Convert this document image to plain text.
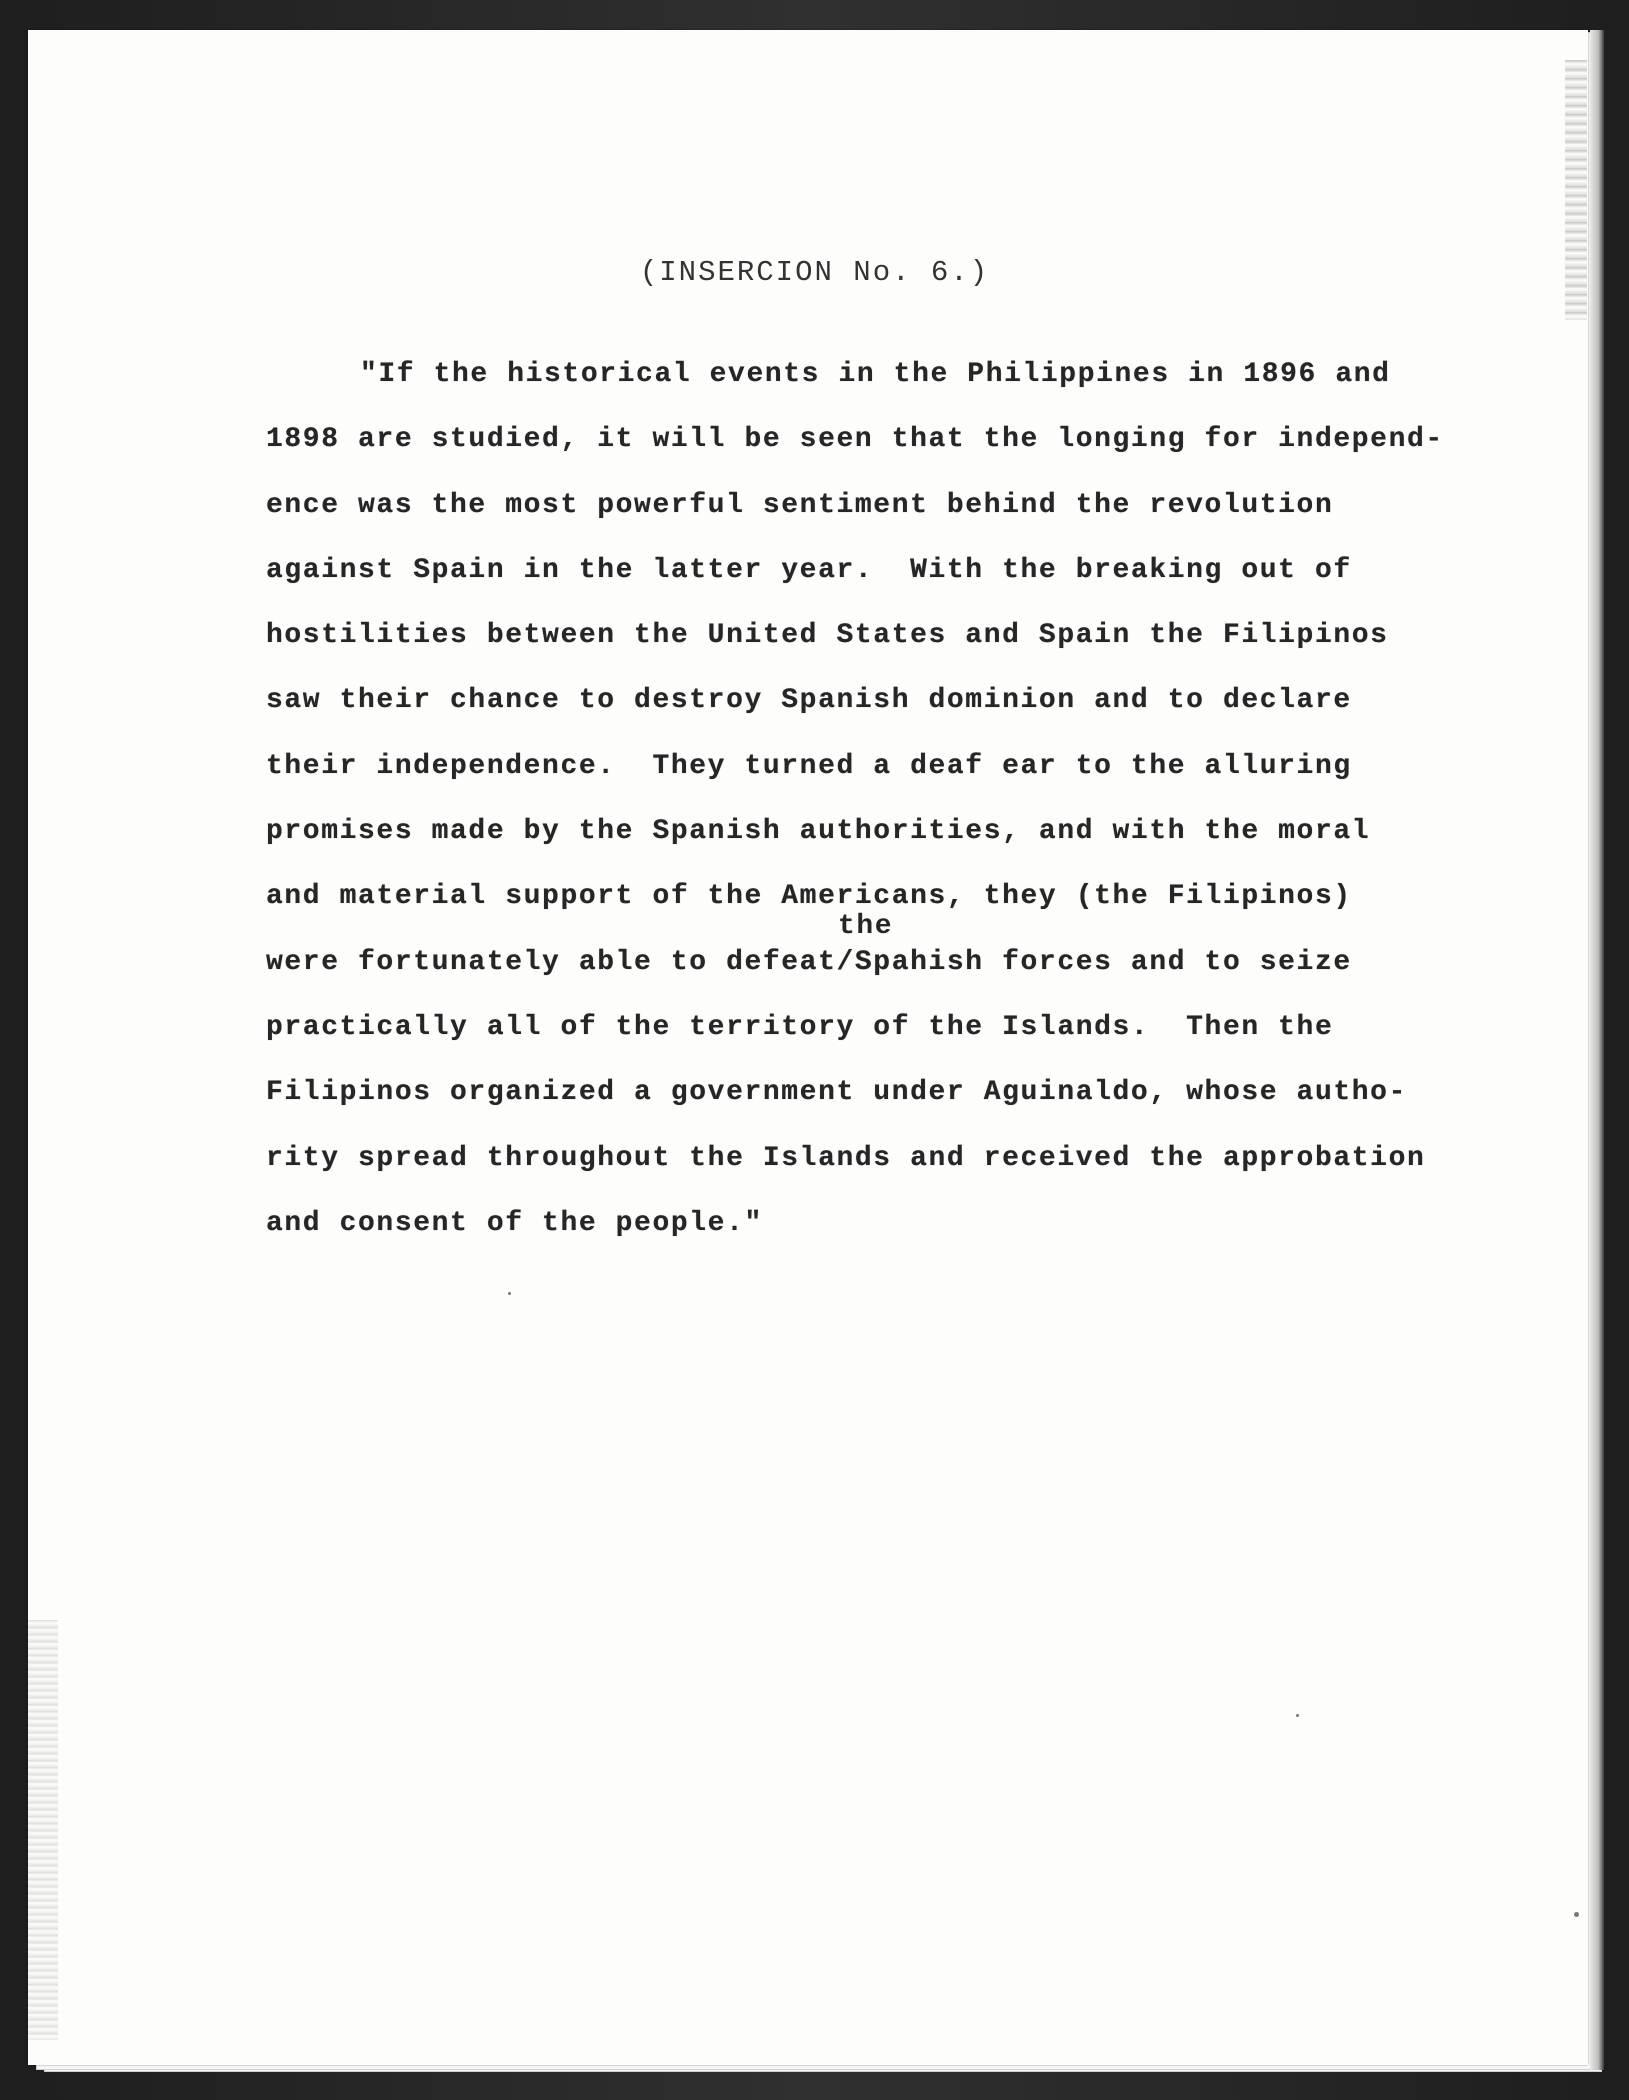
(INSERCION No. 6.)
"If the historical events in the Philippines in 1896 and
1898 are studied, it will be seen that the longing for independ-
ence was the most powerful sentiment behind the revolution
against Spain in the latter year.  With the breaking out of
hostilities between the United States and Spain the Filipinos
saw their chance to destroy Spanish dominion and to declare
their independence.  They turned a deaf ear to the alluring
promises made by the Spanish authorities, and with the moral
and material support of the Americans, they (the Filipinos)
were fortunately able to defeat/Spahish forces and to seize
practically all of the territory of the Islands.  Then the
Filipinos organized a government under Aguinaldo, whose autho-
rity spread throughout the Islands and received the approbation
and consent of the people."
the
